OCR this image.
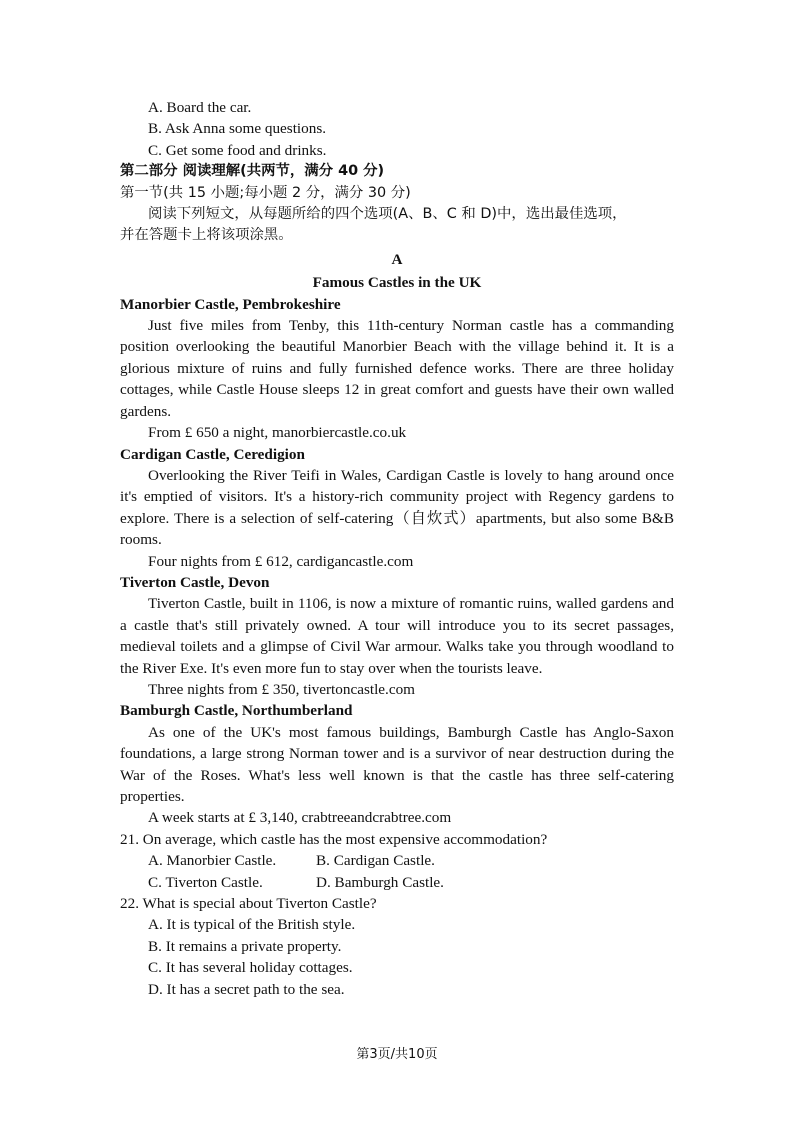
A. Board the car.
B. Ask Anna some questions.
C. Get some food and drinks.
第二部分 阅读理解(共两节，满分 40 分)
第一节(共 15 小题;每小题 2 分，满分 30 分)
阅读下列短文，从每题所给的四个选项(A、B、C 和 D)中，选出最佳选项，
并在答题卡上将该项涂黑。
A
Famous Castles in the UK
Manorbier Castle, Pembrokeshire

Just five miles from Tenby, this 11th-century Norman castle has a commanding position overlooking the beautiful Manorbier Beach with the village behind it. It is a glorious mixture of ruins and fully furnished defence works. There are three holiday cottages, while Castle House sleeps 12 in great comfort and guests have their own walled gardens.

From £ 650 a night, manorbiercastle.co.uk
Cardigan Castle, Ceredigion

Overlooking the River Teifi in Wales, Cardigan Castle is lovely to hang around once it's emptied of visitors. It's a history-rich community project with Regency gardens to explore. There is a selection of self-catering（自炊式）apartments, but also some B&B rooms.

Four nights from £ 612, cardigancastle.com
Tiverton Castle, Devon

Tiverton Castle, built in 1106, is now a mixture of romantic ruins, walled gardens and a castle that's still privately owned. A tour will introduce you to its secret passages, medieval toilets and a glimpse of Civil War armour. Walks take you through woodland to the River Exe. It's even more fun to stay over when the tourists leave.

Three nights from £ 350, tivertoncastle.com
Bamburgh Castle, Northumberland

As one of the UK's most famous buildings, Bamburgh Castle has Anglo-Saxon foundations, a large strong Norman tower and is a survivor of near destruction during the War of the Roses. What's less well known is that the castle has three self-catering properties.

A week starts at £ 3,140, crabtreeandcrabtree.com
21. On average, which castle has the most expensive accommodation?
A. Manorbier Castle.	B. Cardigan Castle.
C. Tiverton Castle.	D. Bamburgh Castle.
22. What is special about Tiverton Castle?
A. It is typical of the British style.
B. It remains a private property.
C. It has several holiday cottages.
D. It has a secret path to the sea.
第3页/共10页
